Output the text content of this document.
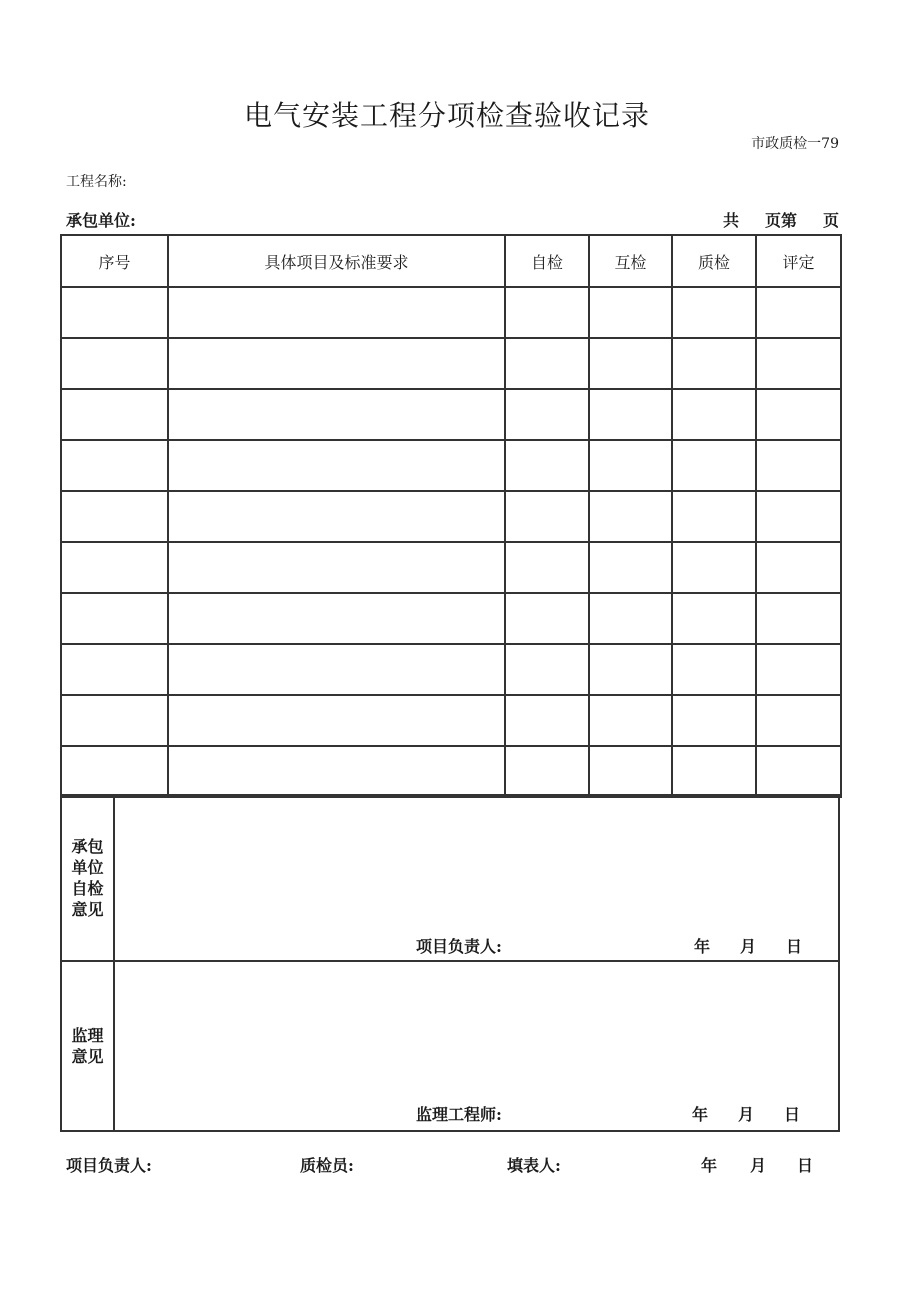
电气安装工程分项检查验收记录
市政质检一79
工程名称:
承包单位:	共 页第 页
序号	具体项目及标准要求	自检	互检	质检	评定

承包
单位
自检
意见

项目负责人:	年 月 日
监理
意见

监理工程师:	年 月 日
项目负责人:	质检员:	填表人:	年 月 日
